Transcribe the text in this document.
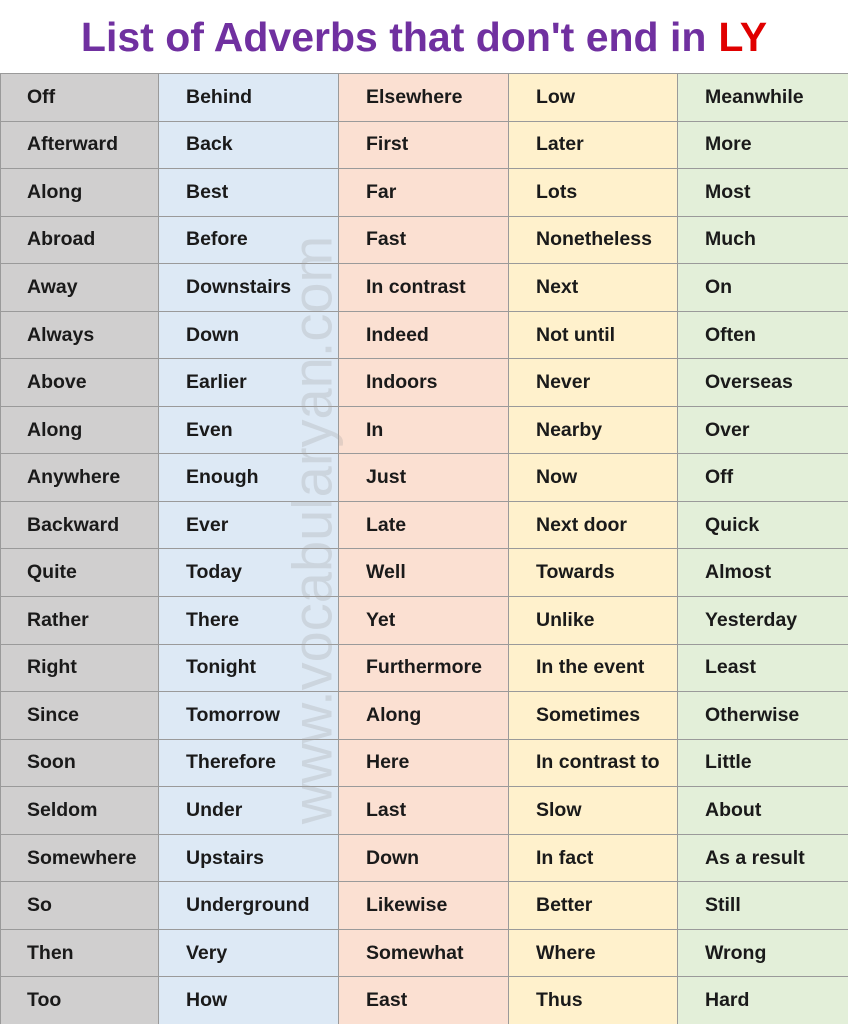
List of Adverbs that don't end in LY
Off
Afterward
Along
Abroad
Away
Always
Above
Along
Anywhere
Backward
Quite
Rather
Right
Since
Soon
Seldom
Somewhere
So
Then
Too
Behind
Back
Best
Before
Downstairs
Down
Earlier
Even
Enough
Ever
Today
There
Tonight
Tomorrow
Therefore
Under
Upstairs
Underground
Very
How
Elsewhere
First
Far
Fast
In contrast
Indeed
Indoors
In
Just
Late
Well
Yet
Furthermore
Along
Here
Last
Down
Likewise
Somewhat
East
Low
Later
Lots
Nonetheless
Next
Not until
Never
Nearby
Now
Next door
Towards
Unlike
In the event
Sometimes
In contrast to
Slow
In fact
Better
Where
Thus
Meanwhile
More
Most
Much
On
Often
Overseas
Over
Off
Quick
Almost
Yesterday
Least
Otherwise
Little
About
As a result
Still
Wrong
Hard
www.vocabularyan.com
